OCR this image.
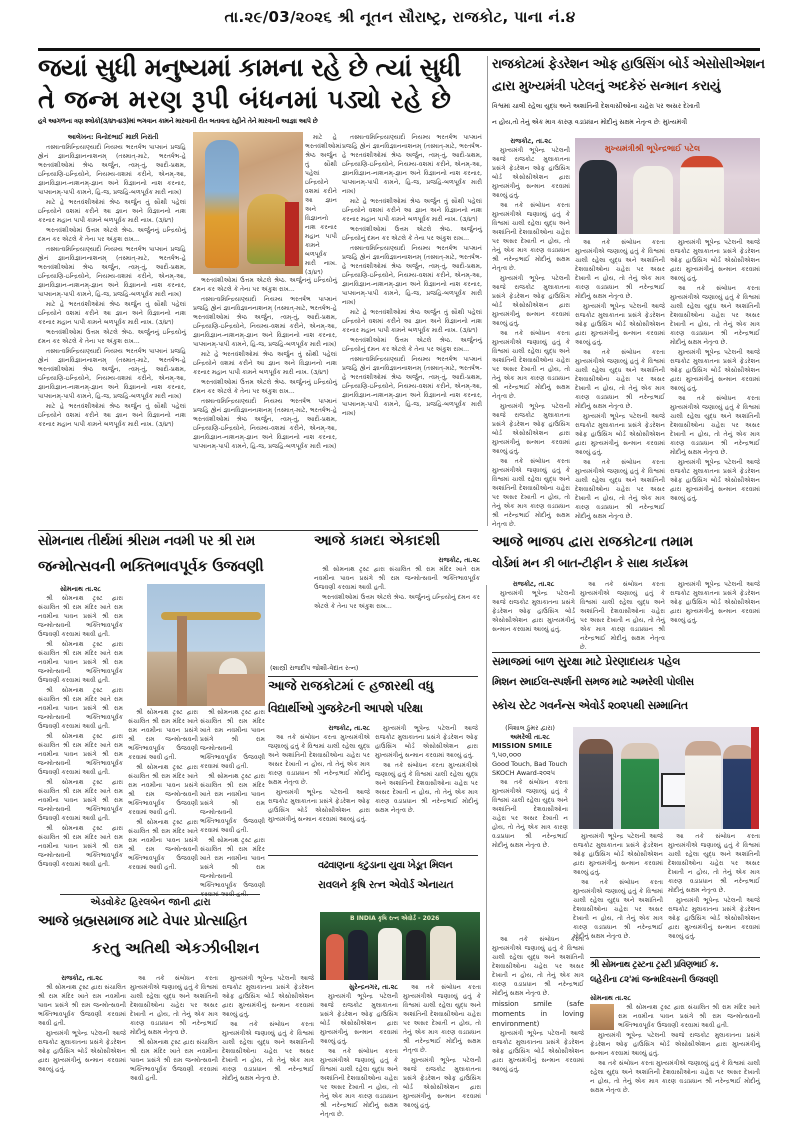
તા.૨૯/03/૨૦૨૬ શ્રી નૂતન સૌરાષ્ટ્ર, રાજકોટ, પાના નં.૪
જયાં સુધી મનુષ્યમાં કામના રહે છે ત્યાં સુધી
તે જન્મ મરણ રૂપી બંધનમાં પડ્યો રહે છે
હવે આગળના ત્રણ શ્લોકો(૩/૪૧-૪૩)માં ભગવાન કામને મારવાની રીત બતાવતા રહીને તેને મારવાની આજ્ઞા આપે છે
આલેખન: વિનોદભાઈ માછી નિરાંતી

તસ્માત્વમિન્દ્રિયાણ્યાદૌ નિયમ્ય ભરતર્ષભ પાપ્માનં પ્રજહિ હ્યેનં જ્ઞાનવિજ્ઞાનનાશનમ્ (તસ્માત્-માટે, ભરતર્ષભ-હે ભરતવંશીઓમાં શ્રેષ્ઠ અર્જુન, ત્વમ્-તું, આદૌ-પ્રથમ, ઇન્દ્રિયાણિ-ઇન્દ્રિયોને, નિયમ્ય-વશમાં કરીને, એનમ્-આ, જ્ઞાનવિજ્ઞાન-નાશનમ્-જ્ઞાન અને વિજ્ઞાનનો નાશ કરનાર, પાપ્માનમ્-પાપી કામને, હિ-જ, પ્રજહિ-બળપૂર્વક મારી નાખ)

માટે હે ભરતવંશીઓમાં શ્રેષ્ઠ અર્જુન તું સૌથી પહેલાં ઇન્દ્રિયોને વશમાં કરીને આ જ્ઞાન અને વિજ્ઞાનનો નાશ કરનાર મહાન પાપી કામને બળપૂર્વક મારી નાખ. (૩/૪૧)

ભરતવંશીઓમાં ઉત્તમ એટલે શ્રેષ્ઠ. અર્જુનનું ઇન્દ્રિયોનું દમન કર એટલે કે તેના પર અંકુશ રાખ...

તસ્માત્વમિન્દ્રિયાણ્યાદૌ નિયમ્ય ભરતર્ષભ પાપ્માનં પ્રજહિ હ્યેનં જ્ઞાનવિજ્ઞાનનાશનમ્ (તસ્માત્-માટે, ભરતર્ષભ-હે ભરતવંશીઓમાં શ્રેષ્ઠ અર્જુન, ત્વમ્-તું, આદૌ-પ્રથમ, ઇન્દ્રિયાણિ-ઇન્દ્રિયોને, નિયમ્ય-વશમાં કરીને, એનમ્-આ, જ્ઞાનવિજ્ઞાન-નાશનમ્-જ્ઞાન અને વિજ્ઞાનનો નાશ કરનાર, પાપ્માનમ્-પાપી કામને, હિ-જ, પ્રજહિ-બળપૂર્વક મારી નાખ)

માટે હે ભરતવંશીઓમાં શ્રેષ્ઠ અર્જુન તું સૌથી પહેલાં ઇન્દ્રિયોને વશમાં કરીને આ જ્ઞાન અને વિજ્ઞાનનો નાશ કરનાર મહાન પાપી કામને બળપૂર્વક મારી નાખ. (૩/૪૧)

ભરતવંશીઓમાં ઉત્તમ એટલે શ્રેષ્ઠ. અર્જુનનું ઇન્દ્રિયોનું દમન કર એટલે કે તેના પર અંકુશ રાખ...

તસ્માત્વમિન્દ્રિયાણ્યાદૌ નિયમ્ય ભરતર્ષભ પાપ્માનં પ્રજહિ હ્યેનં જ્ઞાનવિજ્ઞાનનાશનમ્ (તસ્માત્-માટે, ભરતર્ષભ-હે ભરતવંશીઓમાં શ્રેષ્ઠ અર્જુન, ત્વમ્-તું, આદૌ-પ્રથમ, ઇન્દ્રિયાણિ-ઇન્દ્રિયોને, નિયમ્ય-વશમાં કરીને, એનમ્-આ, જ્ઞાનવિજ્ઞાન-નાશનમ્-જ્ઞાન અને વિજ્ઞાનનો નાશ કરનાર, પાપ્માનમ્-પાપી કામને, હિ-જ, પ્રજહિ-બળપૂર્વક મારી નાખ)

માટે હે ભરતવંશીઓમાં શ્રેષ્ઠ અર્જુન તું સૌથી પહેલાં ઇન્દ્રિયોને વશમાં કરીને આ જ્ઞાન અને વિજ્ઞાનનો નાશ કરનાર મહાન પાપી કામને બળપૂર્વક મારી નાખ. (૩/૪૧)

માટે હે ભરતવંશીઓમાં શ્રેષ્ઠ અર્જુન તું સૌથી પહેલાં ઇન્દ્રિયોને વશમાં કરીને આ જ્ઞાન અને વિજ્ઞાનનો નાશ કરનાર મહાન પાપી કામને બળપૂર્વક મારી નાખ. (૩/૪૧)

ભરતવંશીઓમાં ઉત્તમ એટલે શ્રેષ્ઠ. અર્જુનનું ઇન્દ્રિયોનું દમન કર એટલે કે તેના પર અંકુશ રાખ...

તસ્માત્વમિન્દ્રિયાણ્યાદૌ નિયમ્ય ભરતર્ષભ પાપ્માનં પ્રજહિ હ્યેનં જ્ઞાનવિજ્ઞાનનાશનમ્ (તસ્માત્-માટે, ભરતર્ષભ-હે ભરતવંશીઓમાં શ્રેષ્ઠ અર્જુન, ત્વમ્-તું, આદૌ-પ્રથમ, ઇન્દ્રિયાણિ-ઇન્દ્રિયોને, નિયમ્ય-વશમાં કરીને, એનમ્-આ, જ્ઞાનવિજ્ઞાન-નાશનમ્-જ્ઞાન અને વિજ્ઞાનનો નાશ કરનાર, પાપ્માનમ્-પાપી કામને, હિ-જ, પ્રજહિ-બળપૂર્વક મારી નાખ)

માટે હે ભરતવંશીઓમાં શ્રેષ્ઠ અર્જુન તું સૌથી પહેલાં ઇન્દ્રિયોને વશમાં કરીને આ જ્ઞાન અને વિજ્ઞાનનો નાશ કરનાર મહાન પાપી કામને બળપૂર્વક મારી નાખ. (૩/૪૧)

ભરતવંશીઓમાં ઉત્તમ એટલે શ્રેષ્ઠ. અર્જુનનું ઇન્દ્રિયોનું દમન કર એટલે કે તેના પર અંકુશ રાખ...

તસ્માત્વમિન્દ્રિયાણ્યાદૌ નિયમ્ય ભરતર્ષભ પાપ્માનં પ્રજહિ હ્યેનં જ્ઞાનવિજ્ઞાનનાશનમ્ (તસ્માત્-માટે, ભરતર્ષભ-હે ભરતવંશીઓમાં શ્રેષ્ઠ અર્જુન, ત્વમ્-તું, આદૌ-પ્રથમ, ઇન્દ્રિયાણિ-ઇન્દ્રિયોને, નિયમ્ય-વશમાં કરીને, એનમ્-આ, જ્ઞાનવિજ્ઞાન-નાશનમ્-જ્ઞાન અને વિજ્ઞાનનો નાશ કરનાર, પાપ્માનમ્-પાપી કામને, હિ-જ, પ્રજહિ-બળપૂર્વક મારી નાખ)

તસ્માત્વમિન્દ્રિયાણ્યાદૌ નિયમ્ય ભરતર્ષભ પાપ્માનં પ્રજહિ હ્યેનં જ્ઞાનવિજ્ઞાનનાશનમ્ (તસ્માત્-માટે, ભરતર્ષભ-હે ભરતવંશીઓમાં શ્રેષ્ઠ અર્જુન, ત્વમ્-તું, આદૌ-પ્રથમ, ઇન્દ્રિયાણિ-ઇન્દ્રિયોને, નિયમ્ય-વશમાં કરીને, એનમ્-આ, જ્ઞાનવિજ્ઞાન-નાશનમ્-જ્ઞાન અને વિજ્ઞાનનો નાશ કરનાર, પાપ્માનમ્-પાપી કામને, હિ-જ, પ્રજહિ-બળપૂર્વક મારી નાખ)

માટે હે ભરતવંશીઓમાં શ્રેષ્ઠ અર્જુન તું સૌથી પહેલાં ઇન્દ્રિયોને વશમાં કરીને આ જ્ઞાન અને વિજ્ઞાનનો નાશ કરનાર મહાન પાપી કામને બળપૂર્વક મારી નાખ. (૩/૪૧)

ભરતવંશીઓમાં ઉત્તમ એટલે શ્રેષ્ઠ. અર્જુનનું ઇન્દ્રિયોનું દમન કર એટલે કે તેના પર અંકુશ રાખ...

તસ્માત્વમિન્દ્રિયાણ્યાદૌ નિયમ્ય ભરતર્ષભ પાપ્માનં પ્રજહિ હ્યેનં જ્ઞાનવિજ્ઞાનનાશનમ્ (તસ્માત્-માટે, ભરતર્ષભ-હે ભરતવંશીઓમાં શ્રેષ્ઠ અર્જુન, ત્વમ્-તું, આદૌ-પ્રથમ, ઇન્દ્રિયાણિ-ઇન્દ્રિયોને, નિયમ્ય-વશમાં કરીને, એનમ્-આ, જ્ઞાનવિજ્ઞાન-નાશનમ્-જ્ઞાન અને વિજ્ઞાનનો નાશ કરનાર, પાપ્માનમ્-પાપી કામને, હિ-જ, પ્રજહિ-બળપૂર્વક મારી નાખ)

માટે હે ભરતવંશીઓમાં શ્રેષ્ઠ અર્જુન તું સૌથી પહેલાં ઇન્દ્રિયોને વશમાં કરીને આ જ્ઞાન અને વિજ્ઞાનનો નાશ કરનાર મહાન પાપી કામને બળપૂર્વક મારી નાખ. (૩/૪૧)

ભરતવંશીઓમાં ઉત્તમ એટલે શ્રેષ્ઠ. અર્જુનનું ઇન્દ્રિયોનું દમન કર એટલે કે તેના પર અંકુશ રાખ...

તસ્માત્વમિન્દ્રિયાણ્યાદૌ નિયમ્ય ભરતર્ષભ પાપ્માનં પ્રજહિ હ્યેનં જ્ઞાનવિજ્ઞાનનાશનમ્ (તસ્માત્-માટે, ભરતર્ષભ-હે ભરતવંશીઓમાં શ્રેષ્ઠ અર્જુન, ત્વમ્-તું, આદૌ-પ્રથમ, ઇન્દ્રિયાણિ-ઇન્દ્રિયોને, નિયમ્ય-વશમાં કરીને, એનમ્-આ, જ્ઞાનવિજ્ઞાન-નાશનમ્-જ્ઞાન અને વિજ્ઞાનનો નાશ કરનાર, પાપ્માનમ્-પાપી કામને, હિ-જ, પ્રજહિ-બળપૂર્વક મારી નાખ)

રાજકોટમાં ફેડરેશન ઓફ હાઉસિંગ બોર્ડ એસોસીએશન
દ્વારા મુખ્યમંત્રી પટેલનું અદકેરું સન્માન કરાયું
વિશ્વમાં ચાલી રહેલા યુદ્ધ અને અશાંતિની દેશવાસીઓના ચહેરા પર અસર દેખાતી
ન હોય,તો તેનું એક માત્ર કારણ વડાપ્રધાન મોદીનું સક્ષમ નેતૃત્વ છેઃ મુખ્યમંત્રી
રાજકોટ, તા.૨૮

મુખ્યમંત્રી ભૂપેન્દ્ર પટેલની આજે રાજકોટ મુલાકાતના પ્રસંગે ફેડરેશન ઓફ હાઉસિંગ બોર્ડ એસોસીએશન દ્વારા મુખ્યમંત્રીનું સન્માન કરવામાં આવ્યું હતું.

આ તકે સંબોધન કરતા મુખ્યમંત્રીએ જણાવ્યું હતું કે વિશ્વમાં ચાલી રહેલા યુદ્ધ અને અશાંતિની દેશવાસીઓના ચહેરા પર અસર દેખાતી ન હોય, તો તેનું એક માત્ર કારણ વડાપ્રધાન શ્રી નરેન્દ્રભાઈ મોદીનું સક્ષમ નેતૃત્વ છે.

મુખ્યમંત્રી ભૂપેન્દ્ર પટેલની આજે રાજકોટ મુલાકાતના પ્રસંગે ફેડરેશન ઓફ હાઉસિંગ બોર્ડ એસોસીએશન દ્વારા મુખ્યમંત્રીનું સન્માન કરવામાં આવ્યું હતું.

આ તકે સંબોધન કરતા મુખ્યમંત્રીએ જણાવ્યું હતું કે વિશ્વમાં ચાલી રહેલા યુદ્ધ અને અશાંતિની દેશવાસીઓના ચહેરા પર અસર દેખાતી ન હોય, તો તેનું એક માત્ર કારણ વડાપ્રધાન શ્રી નરેન્દ્રભાઈ મોદીનું સક્ષમ નેતૃત્વ છે.

મુખ્યમંત્રી ભૂપેન્દ્ર પટેલની આજે રાજકોટ મુલાકાતના પ્રસંગે ફેડરેશન ઓફ હાઉસિંગ બોર્ડ એસોસીએશન દ્વારા મુખ્યમંત્રીનું સન્માન કરવામાં આવ્યું હતું.

આ તકે સંબોધન કરતા મુખ્યમંત્રીએ જણાવ્યું હતું કે વિશ્વમાં ચાલી રહેલા યુદ્ધ અને અશાંતિની દેશવાસીઓના ચહેરા પર અસર દેખાતી ન હોય, તો તેનું એક માત્ર કારણ વડાપ્રધાન શ્રી નરેન્દ્રભાઈ મોદીનું સક્ષમ નેતૃત્વ છે.

મુખ્યમંત્રીશ્રી ભૂપેન્દ્રભાઈ પટેલ

આ તકે સંબોધન કરતા મુખ્યમંત્રીએ જણાવ્યું હતું કે વિશ્વમાં ચાલી રહેલા યુદ્ધ અને અશાંતિની દેશવાસીઓના ચહેરા પર અસર દેખાતી ન હોય, તો તેનું એક માત્ર કારણ વડાપ્રધાન શ્રી નરેન્દ્રભાઈ મોદીનું સક્ષમ નેતૃત્વ છે.

મુખ્યમંત્રી ભૂપેન્દ્ર પટેલની આજે રાજકોટ મુલાકાતના પ્રસંગે ફેડરેશન ઓફ હાઉસિંગ બોર્ડ એસોસીએશન દ્વારા મુખ્યમંત્રીનું સન્માન કરવામાં આવ્યું હતું.

આ તકે સંબોધન કરતા મુખ્યમંત્રીએ જણાવ્યું હતું કે વિશ્વમાં ચાલી રહેલા યુદ્ધ અને અશાંતિની દેશવાસીઓના ચહેરા પર અસર દેખાતી ન હોય, તો તેનું એક માત્ર કારણ વડાપ્રધાન શ્રી નરેન્દ્રભાઈ મોદીનું સક્ષમ નેતૃત્વ છે.

મુખ્યમંત્રી ભૂપેન્દ્ર પટેલની આજે રાજકોટ મુલાકાતના પ્રસંગે ફેડરેશન ઓફ હાઉસિંગ બોર્ડ એસોસીએશન દ્વારા મુખ્યમંત્રીનું સન્માન કરવામાં આવ્યું હતું.

આ તકે સંબોધન કરતા મુખ્યમંત્રીએ જણાવ્યું હતું કે વિશ્વમાં ચાલી રહેલા યુદ્ધ અને અશાંતિની દેશવાસીઓના ચહેરા પર અસર દેખાતી ન હોય, તો તેનું એક માત્ર કારણ વડાપ્રધાન શ્રી નરેન્દ્રભાઈ મોદીનું સક્ષમ નેતૃત્વ છે.

મુખ્યમંત્રી ભૂપેન્દ્ર પટેલની આજે રાજકોટ મુલાકાતના પ્રસંગે ફેડરેશન ઓફ હાઉસિંગ બોર્ડ એસોસીએશન દ્વારા મુખ્યમંત્રીનું સન્માન કરવામાં આવ્યું હતું.

આ તકે સંબોધન કરતા મુખ્યમંત્રીએ જણાવ્યું હતું કે વિશ્વમાં ચાલી રહેલા યુદ્ધ અને અશાંતિની દેશવાસીઓના ચહેરા પર અસર દેખાતી ન હોય, તો તેનું એક માત્ર કારણ વડાપ્રધાન શ્રી નરેન્દ્રભાઈ મોદીનું સક્ષમ નેતૃત્વ છે.

મુખ્યમંત્રી ભૂપેન્દ્ર પટેલની આજે રાજકોટ મુલાકાતના પ્રસંગે ફેડરેશન ઓફ હાઉસિંગ બોર્ડ એસોસીએશન દ્વારા મુખ્યમંત્રીનું સન્માન કરવામાં આવ્યું હતું.

આ તકે સંબોધન કરતા મુખ્યમંત્રીએ જણાવ્યું હતું કે વિશ્વમાં ચાલી રહેલા યુદ્ધ અને અશાંતિની દેશવાસીઓના ચહેરા પર અસર દેખાતી ન હોય, તો તેનું એક માત્ર કારણ વડાપ્રધાન શ્રી નરેન્દ્રભાઈ મોદીનું સક્ષમ નેતૃત્વ છે.

મુખ્યમંત્રી ભૂપેન્દ્ર પટેલની આજે રાજકોટ મુલાકાતના પ્રસંગે ફેડરેશન ઓફ હાઉસિંગ બોર્ડ એસોસીએશન દ્વારા મુખ્યમંત્રીનું સન્માન કરવામાં આવ્યું હતું.

સોમનાથ તીર્થમાં શ્રીરામ નવમી પર શ્રી રામ
જન્મોત્સવની ભક્તિભાવપૂર્વક ઉજવણી
સોમનાથ તા.૨૮

શ્રી સોમનાથ ટ્રસ્ટ દ્વારા સંચાલિત શ્રી રામ મંદિર ખાતે રામ નવમીના પાવન પ્રસંગે શ્રી રામ જન્મોત્સવની ભક્તિભાવપૂર્વક ઉજવણી કરવામાં આવી હતી.

શ્રી સોમનાથ ટ્રસ્ટ દ્વારા સંચાલિત શ્રી રામ મંદિર ખાતે રામ નવમીના પાવન પ્રસંગે શ્રી રામ જન્મોત્સવની ભક્તિભાવપૂર્વક ઉજવણી કરવામાં આવી હતી.

શ્રી સોમનાથ ટ્રસ્ટ દ્વારા સંચાલિત શ્રી રામ મંદિર ખાતે રામ નવમીના પાવન પ્રસંગે શ્રી રામ જન્મોત્સવની ભક્તિભાવપૂર્વક ઉજવણી કરવામાં આવી હતી.

શ્રી સોમનાથ ટ્રસ્ટ દ્વારા સંચાલિત શ્રી રામ મંદિર ખાતે રામ નવમીના પાવન પ્રસંગે શ્રી રામ જન્મોત્સવની ભક્તિભાવપૂર્વક ઉજવણી કરવામાં આવી હતી.

શ્રી સોમનાથ ટ્રસ્ટ દ્વારા સંચાલિત શ્રી રામ મંદિર ખાતે રામ નવમીના પાવન પ્રસંગે શ્રી રામ જન્મોત્સવની ભક્તિભાવપૂર્વક ઉજવણી કરવામાં આવી હતી.

શ્રી સોમનાથ ટ્રસ્ટ દ્વારા સંચાલિત શ્રી રામ મંદિર ખાતે રામ નવમીના પાવન પ્રસંગે શ્રી રામ જન્મોત્સવની ભક્તિભાવપૂર્વક ઉજવણી કરવામાં આવી હતી.

શ્રી સોમનાથ ટ્રસ્ટ દ્વારા સંચાલિત શ્રી રામ મંદિર ખાતે રામ નવમીના પાવન પ્રસંગે શ્રી રામ જન્મોત્સવની ભક્તિભાવપૂર્વક ઉજવણી કરવામાં આવી હતી.

શ્રી સોમનાથ ટ્રસ્ટ દ્વારા સંચાલિત શ્રી રામ મંદિર ખાતે રામ નવમીના પાવન પ્રસંગે શ્રી રામ જન્મોત્સવની ભક્તિભાવપૂર્વક ઉજવણી કરવામાં આવી હતી.

શ્રી સોમનાથ ટ્રસ્ટ દ્વારા સંચાલિત શ્રી રામ મંદિર ખાતે રામ નવમીના પાવન પ્રસંગે શ્રી રામ જન્મોત્સવની ભક્તિભાવપૂર્વક ઉજવણી કરવામાં આવી હતી.

શ્રી સોમનાથ ટ્રસ્ટ દ્વારા સંચાલિત શ્રી રામ મંદિર ખાતે રામ નવમીના પાવન પ્રસંગે શ્રી રામ જન્મોત્સવની ભક્તિભાવપૂર્વક ઉજવણી કરવામાં આવી હતી.

શ્રી સોમનાથ ટ્રસ્ટ દ્વારા સંચાલિત શ્રી રામ મંદિર ખાતે રામ નવમીના પાવન પ્રસંગે શ્રી રામ જન્મોત્સવની ભક્તિભાવપૂર્વક ઉજવણી કરવામાં આવી હતી.

શ્રી સોમનાથ ટ્રસ્ટ દ્વારા સંચાલિત શ્રી રામ મંદિર ખાતે રામ નવમીના પાવન પ્રસંગે શ્રી રામ જન્મોત્સવની ભક્તિભાવપૂર્વક ઉજવણી

આજે કામદા એકાદશી
રાજકોટ, તા.૨૮

શ્રી સોમનાથ ટ્રસ્ટ દ્વારા સંચાલિત શ્રી રામ મંદિર ખાતે રામ નવમીના પાવન પ્રસંગે શ્રી રામ જન્મોત્સવની ભક્તિભાવપૂર્વક ઉજવણી કરવામાં આવી હતી.

ભરતવંશીઓમાં ઉત્તમ એટલે શ્રેષ્ઠ. અર્જુનનું ઇન્દ્રિયોનું દમન કર એટલે કે તેના પર અંકુશ રાખ...

(શાસ્ત્રી રાજદીપ જોશી-વેદાંત રત્ન)
આજે ભાજપ દ્વારા રાજકોટના તમામ
વોર્ડમાં મન કી બાત-ટીફીન કે સાથ કાર્યક્રમ
રાજકોટ, તા.૨૮

મુખ્યમંત્રી ભૂપેન્દ્ર પટેલની આજે રાજકોટ મુલાકાતના પ્રસંગે ફેડરેશન ઓફ હાઉસિંગ બોર્ડ એસોસીએશન દ્વારા મુખ્યમંત્રીનું સન્માન કરવામાં આવ્યું હતું.

આ તકે સંબોધન કરતા મુખ્યમંત્રીએ જણાવ્યું હતું કે વિશ્વમાં ચાલી રહેલા યુદ્ધ અને અશાંતિની દેશવાસીઓના ચહેરા પર અસર દેખાતી ન હોય, તો તેનું એક માત્ર કારણ વડાપ્રધાન શ્રી નરેન્દ્રભાઈ મોદીનું સક્ષમ નેતૃત્વ છે.

મુખ્યમંત્રી ભૂપેન્દ્ર પટેલની આજે રાજકોટ મુલાકાતના પ્રસંગે ફેડરેશન ઓફ હાઉસિંગ બોર્ડ એસોસીએશન દ્વારા મુખ્યમંત્રીનું સન્માન કરવામાં આવ્યું હતું.

આજે રાજકોટમાં ૯ હજારથી વધુ
વિદ્યાર્થીઓ ગુજકેટની આપશે પરિક્ષા
રાજકોટ, તા.૨૮

આ તકે સંબોધન કરતા મુખ્યમંત્રીએ જણાવ્યું હતું કે વિશ્વમાં ચાલી રહેલા યુદ્ધ અને અશાંતિની દેશવાસીઓના ચહેરા પર અસર દેખાતી ન હોય, તો તેનું એક માત્ર કારણ વડાપ્રધાન શ્રી નરેન્દ્રભાઈ મોદીનું સક્ષમ નેતૃત્વ છે.

મુખ્યમંત્રી ભૂપેન્દ્ર પટેલની આજે રાજકોટ મુલાકાતના પ્રસંગે ફેડરેશન ઓફ હાઉસિંગ બોર્ડ એસોસીએશન દ્વારા મુખ્યમંત્રીનું સન્માન કરવામાં આવ્યું હતું.

મુખ્યમંત્રી ભૂપેન્દ્ર પટેલની આજે રાજકોટ મુલાકાતના પ્રસંગે ફેડરેશન ઓફ હાઉસિંગ બોર્ડ એસોસીએશન દ્વારા મુખ્યમંત્રીનું સન્માન કરવામાં આવ્યું હતું.

આ તકે સંબોધન કરતા મુખ્યમંત્રીએ જણાવ્યું હતું કે વિશ્વમાં ચાલી રહેલા યુદ્ધ અને અશાંતિની દેશવાસીઓના ચહેરા પર અસર દેખાતી ન હોય, તો તેનું એક માત્ર કારણ વડાપ્રધાન શ્રી નરેન્દ્રભાઈ મોદીનું સક્ષમ નેતૃત્વ છે.

સમાજમાં બાળ સુરક્ષા માટે પ્રેરણાદાયક પહેલ
મિશન સ્માઈલ-સ્પર્શની સમજ માટે અમરેલી પોલીસ
સ્કોચ સ્ટેટ ગવર્નન્સ એવોર્ડ ૨૦૨૫થી સમ્માનિત
(વિશાલ ઠુંમર દ્વારા)
અમરેલી તા.૨૮
MISSION SMILE
૧,૫૦,૦૦૦
Good Touch, Bad Touch
SKOCH Award-૨૦૨૫

આ તકે સંબોધન કરતા મુખ્યમંત્રીએ જણાવ્યું હતું કે વિશ્વમાં ચાલી રહેલા યુદ્ધ અને અશાંતિની દેશવાસીઓના ચહેરા પર અસર દેખાતી ન હોય, તો તેનું એક માત્ર કારણ વડાપ્રધાન શ્રી નરેન્દ્રભાઈ મોદીનું સક્ષમ નેતૃત્વ છે.

મુખ્યમંત્રી ભૂપેન્દ્ર પટેલની આજે રાજકોટ મુલાકાતના પ્રસંગે ફેડરેશન ઓફ હાઉસિંગ બોર્ડ એસોસીએશન દ્વારા મુખ્યમંત્રીનું સન્માન કરવામાં આવ્યું હતું.

આ તકે સંબોધન કરતા મુખ્યમંત્રીએ જણાવ્યું હતું કે વિશ્વમાં ચાલી રહેલા યુદ્ધ અને અશાંતિની દેશવાસીઓના ચહેરા પર અસર દેખાતી ન હોય, તો તેનું એક માત્ર કારણ વડાપ્રધાન શ્રી નરેન્દ્રભાઈ મોદીનું સક્ષમ નેતૃત્વ છે.

આ તકે સંબોધન કરતા મુખ્યમંત્રીએ જણાવ્યું હતું કે વિશ્વમાં ચાલી રહેલા યુદ્ધ અને અશાંતિની દેશવાસીઓના ચહેરા પર અસર દેખાતી ન હોય, તો તેનું એક માત્ર કારણ વડાપ્રધાન શ્રી નરેન્દ્રભાઈ મોદીનું સક્ષમ નેતૃત્વ છે.

મુખ્યમંત્રી ભૂપેન્દ્ર પટેલની આજે રાજકોટ મુલાકાતના પ્રસંગે ફેડરેશન ઓફ હાઉસિંગ બોર્ડ એસોસીએશન દ્વારા મુખ્યમંત્રીનું સન્માન કરવામાં આવ્યું હતું.

વઢવાણના કટુડાના યુવા ખેડૂત મિલન
રાવલને કૃષિ રત્ન એવોર્ડ એનાયત
B INDIA કૃષિ રત્ન એવોર્ડ - 2026
સુરેન્દ્રનગર, તા.૨૮

મુખ્યમંત્રી ભૂપેન્દ્ર પટેલની આજે રાજકોટ મુલાકાતના પ્રસંગે ફેડરેશન ઓફ હાઉસિંગ બોર્ડ એસોસીએશન દ્વારા મુખ્યમંત્રીનું સન્માન કરવામાં આવ્યું હતું.

આ તકે સંબોધન કરતા મુખ્યમંત્રીએ જણાવ્યું હતું કે વિશ્વમાં ચાલી રહેલા યુદ્ધ અને અશાંતિની દેશવાસીઓના ચહેરા પર અસર દેખાતી ન હોય, તો તેનું એક માત્ર કારણ વડાપ્રધાન શ્રી નરેન્દ્રભાઈ મોદીનું સક્ષમ નેતૃત્વ છે.

આ તકે સંબોધન કરતા મુખ્યમંત્રીએ જણાવ્યું હતું કે વિશ્વમાં ચાલી રહેલા યુદ્ધ અને અશાંતિની દેશવાસીઓના ચહેરા પર અસર દેખાતી ન હોય, તો તેનું એક માત્ર કારણ વડાપ્રધાન શ્રી નરેન્દ્રભાઈ મોદીનું સક્ષમ નેતૃત્વ છે.

મુખ્યમંત્રી ભૂપેન્દ્ર પટેલની આજે રાજકોટ મુલાકાતના પ્રસંગે ફેડરેશન ઓફ હાઉસિંગ બોર્ડ એસોસીએશન દ્વારા મુખ્યમંત્રીનું સન્માન કરવામાં આવ્યું હતું.

આ તકે સંબોધન કરતા મુખ્યમંત્રીએ જણાવ્યું હતું કે વિશ્વમાં ચાલી રહેલા યુદ્ધ અને અશાંતિની દેશવાસીઓના ચહેરા પર અસર દેખાતી ન હોય, તો તેનું એક માત્ર કારણ વડાપ્રધાન શ્રી નરેન્દ્રભાઈ મોદીનું સક્ષમ નેતૃત્વ છે.

mission smile (safe moments in loving environment)

મુખ્યમંત્રી ભૂપેન્દ્ર પટેલની આજે રાજકોટ મુલાકાતના પ્રસંગે ફેડરેશન ઓફ હાઉસિંગ બોર્ડ એસોસીએશન દ્વારા મુખ્યમંત્રીનું સન્માન કરવામાં આવ્યું હતું.

એડવોકેટ હિરલબેન જાની દ્વારા
આજે બ્રહ્મસમાજ માટે વેપાર પ્રોત્સાહિત
કરતુ અતિથી એકઝીબીશન
રાજકોટ, તા.૨૮

શ્રી સોમનાથ ટ્રસ્ટ દ્વારા સંચાલિત શ્રી રામ મંદિર ખાતે રામ નવમીના પાવન પ્રસંગે શ્રી રામ જન્મોત્સવની ભક્તિભાવપૂર્વક ઉજવણી કરવામાં આવી હતી.

મુખ્યમંત્રી ભૂપેન્દ્ર પટેલની આજે રાજકોટ મુલાકાતના પ્રસંગે ફેડરેશન ઓફ હાઉસિંગ બોર્ડ એસોસીએશન દ્વારા મુખ્યમંત્રીનું સન્માન કરવામાં આવ્યું હતું.

આ તકે સંબોધન કરતા મુખ્યમંત્રીએ જણાવ્યું હતું કે વિશ્વમાં ચાલી રહેલા યુદ્ધ અને અશાંતિની દેશવાસીઓના ચહેરા પર અસર દેખાતી ન હોય, તો તેનું એક માત્ર કારણ વડાપ્રધાન શ્રી નરેન્દ્રભાઈ મોદીનું સક્ષમ નેતૃત્વ છે.

શ્રી સોમનાથ ટ્રસ્ટ દ્વારા સંચાલિત શ્રી રામ મંદિર ખાતે રામ નવમીના પાવન પ્રસંગે શ્રી રામ જન્મોત્સવની ભક્તિભાવપૂર્વક ઉજવણી કરવામાં આવી હતી.

મુખ્યમંત્રી ભૂપેન્દ્ર પટેલની આજે રાજકોટ મુલાકાતના પ્રસંગે ફેડરેશન ઓફ હાઉસિંગ બોર્ડ એસોસીએશન દ્વારા મુખ્યમંત્રીનું સન્માન કરવામાં આવ્યું હતું.

આ તકે સંબોધન કરતા મુખ્યમંત્રીએ જણાવ્યું હતું કે વિશ્વમાં ચાલી રહેલા યુદ્ધ અને અશાંતિની દેશવાસીઓના ચહેરા પર અસર દેખાતી ન હોય, તો તેનું એક માત્ર કારણ વડાપ્રધાન શ્રી નરેન્દ્રભાઈ મોદીનું સક્ષમ નેતૃત્વ છે.

શ્રી સોમનાથ ટ્રસ્ટના ટ્રસ્ટી પ્રવિણભાઈ ક.
લહેરીના ૮૨'માં જન્મદિવસની ઉજવણી
સોમનાથ તા.૨૮

શ્રી સોમનાથ ટ્રસ્ટ દ્વારા સંચાલિત શ્રી રામ મંદિર ખાતે રામ નવમીના પાવન પ્રસંગે શ્રી રામ જન્મોત્સવની ભક્તિભાવપૂર્વક ઉજવણી કરવામાં આવી હતી.

મુખ્યમંત્રી ભૂપેન્દ્ર પટેલની આજે રાજકોટ મુલાકાતના પ્રસંગે ફેડરેશન ઓફ હાઉસિંગ બોર્ડ એસોસીએશન દ્વારા મુખ્યમંત્રીનું સન્માન કરવામાં આવ્યું હતું.

આ તકે સંબોધન કરતા મુખ્યમંત્રીએ જણાવ્યું હતું કે વિશ્વમાં ચાલી રહેલા યુદ્ધ અને અશાંતિની દેશવાસીઓના ચહેરા પર અસર દેખાતી ન હોય, તો તેનું એક માત્ર કારણ વડાપ્રધાન શ્રી નરેન્દ્રભાઈ મોદીનું સક્ષમ નેતૃત્વ છે.
